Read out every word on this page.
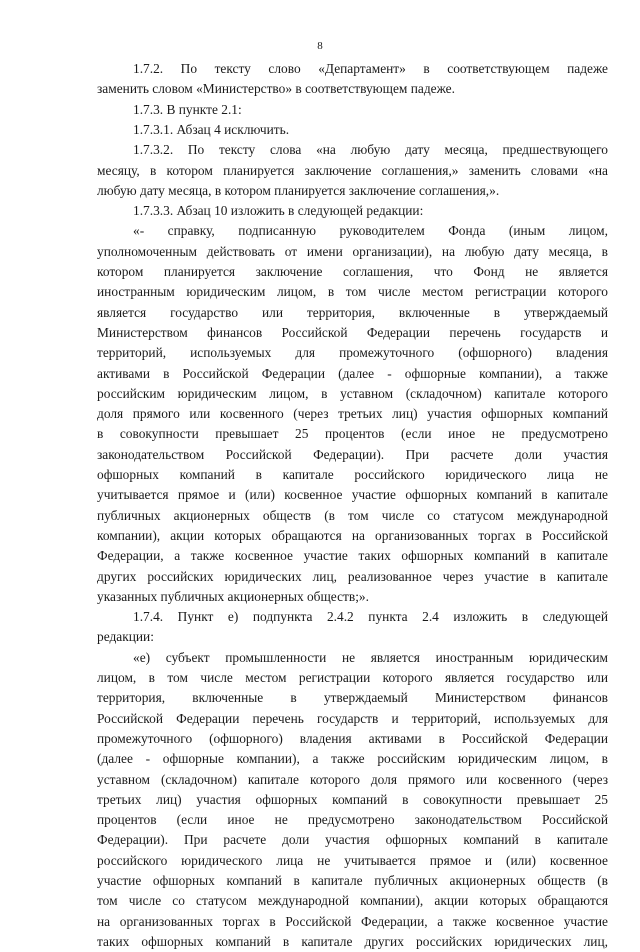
8
1.7.2. По тексту слово «Департамент» в соответствующем падеже
заменить словом «Министерство» в соответствующем падеже.
1.7.3. В пункте 2.1:
1.7.3.1. Абзац 4 исключить.
1.7.3.2. По тексту слова «на любую дату месяца, предшествующего
месяцу, в котором планируется заключение соглашения,» заменить словами «на
любую дату месяца, в котором планируется заключение соглашения,».
1.7.3.3. Абзац 10 изложить в следующей редакции:
«- справку, подписанную руководителем Фонда (иным лицом,
уполномоченным действовать от имени организации), на любую дату месяца, в
котором планируется заключение соглашения, что Фонд не является
иностранным юридическим лицом, в том числе местом регистрации которого
является государство или территория, включенные в утверждаемый
Министерством финансов Российской Федерации перечень государств и
территорий, используемых для промежуточного (офшорного) владения
активами в Российской Федерации (далее - офшорные компании), а также
российским юридическим лицом, в уставном (складочном) капитале которого
доля прямого или косвенного (через третьих лиц) участия офшорных компаний
в совокупности превышает 25 процентов (если иное не предусмотрено
законодательством Российской Федерации). При расчете доли участия
офшорных компаний в капитале российского юридического лица не
учитывается прямое и (или) косвенное участие офшорных компаний в капитале
публичных акционерных обществ (в том числе со статусом международной
компании), акции которых обращаются на организованных торгах в Российской
Федерации, а также косвенное участие таких офшорных компаний в капитале
других российских юридических лиц, реализованное через участие в капитале
указанных публичных акционерных обществ;».
1.7.4. Пункт е) подпункта 2.4.2 пункта 2.4 изложить в следующей
редакции:
«е) субъект промышленности не является иностранным юридическим
лицом, в том числе местом регистрации которого является государство или
территория, включенные в утверждаемый Министерством финансов
Российской Федерации перечень государств и территорий, используемых для
промежуточного (офшорного) владения активами в Российской Федерации
(далее - офшорные компании), а также российским юридическим лицом, в
уставном (складочном) капитале которого доля прямого или косвенного (через
третьих лиц) участия офшорных компаний в совокупности превышает 25
процентов (если иное не предусмотрено законодательством Российской
Федерации). При расчете доли участия офшорных компаний в капитале
российского юридического лица не учитывается прямое и (или) косвенное
участие офшорных компаний в капитале публичных акционерных обществ (в
том числе со статусом международной компании), акции которых обращаются
на организованных торгах в Российской Федерации, а также косвенное участие
таких офшорных компаний в капитале других российских юридических лиц,
